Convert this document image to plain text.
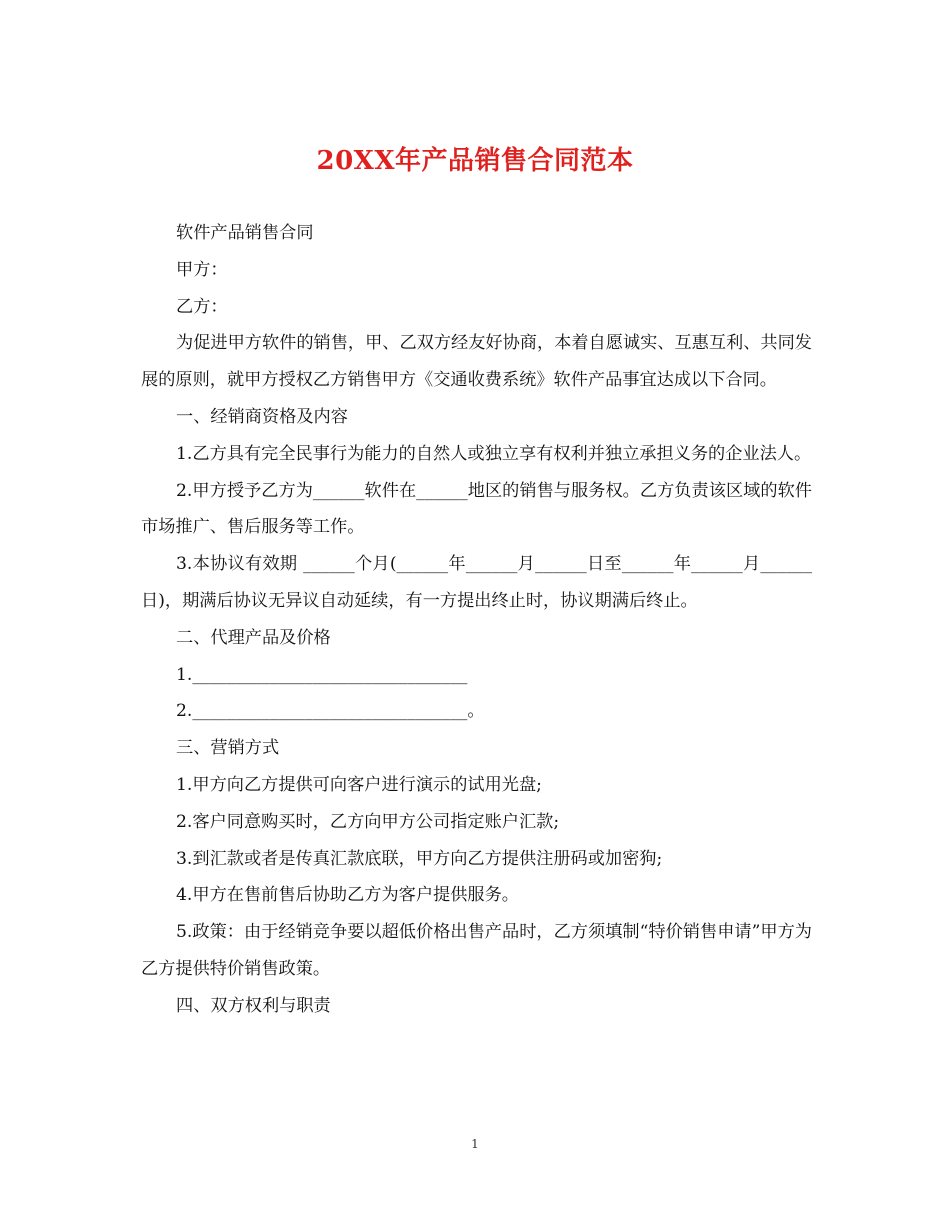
20XX年产品销售合同范本

软件产品销售合同

甲方：

乙方：

为促进甲方软件的销售，甲、乙双方经友好协商，本着自愿诚实、互惠互利、共同发展的原则，就甲方授权乙方销售甲方《交通收费系统》软件产品事宜达成以下合同。

一、经销商资格及内容

1.乙方具有完全民事行为能力的自然人或独立享有权利并独立承担义务的企业法人。

2.甲方授予乙方为______软件在______地区的销售与服务权。乙方负责该区域的软件市场推广、售后服务等工作。

3.本协议有效期 ______个月(______年______月______日至______年______月______日)，期满后协议无异议自动延续，有一方提出终止时，协议期满后终止。

二、代理产品及价格

1.________________________________

2.________________________________。

三、营销方式

1.甲方向乙方提供可向客户进行演示的试用光盘;

2.客户同意购买时，乙方向甲方公司指定账户汇款;

3.到汇款或者是传真汇款底联，甲方向乙方提供注册码或加密狗;

4.甲方在售前售后协助乙方为客户提供服务。

5.政策：由于经销竞争要以超低价格出售产品时，乙方须填制“特价销售申请”甲方为乙方提供特价销售政策。

四、双方权利与职责

1
